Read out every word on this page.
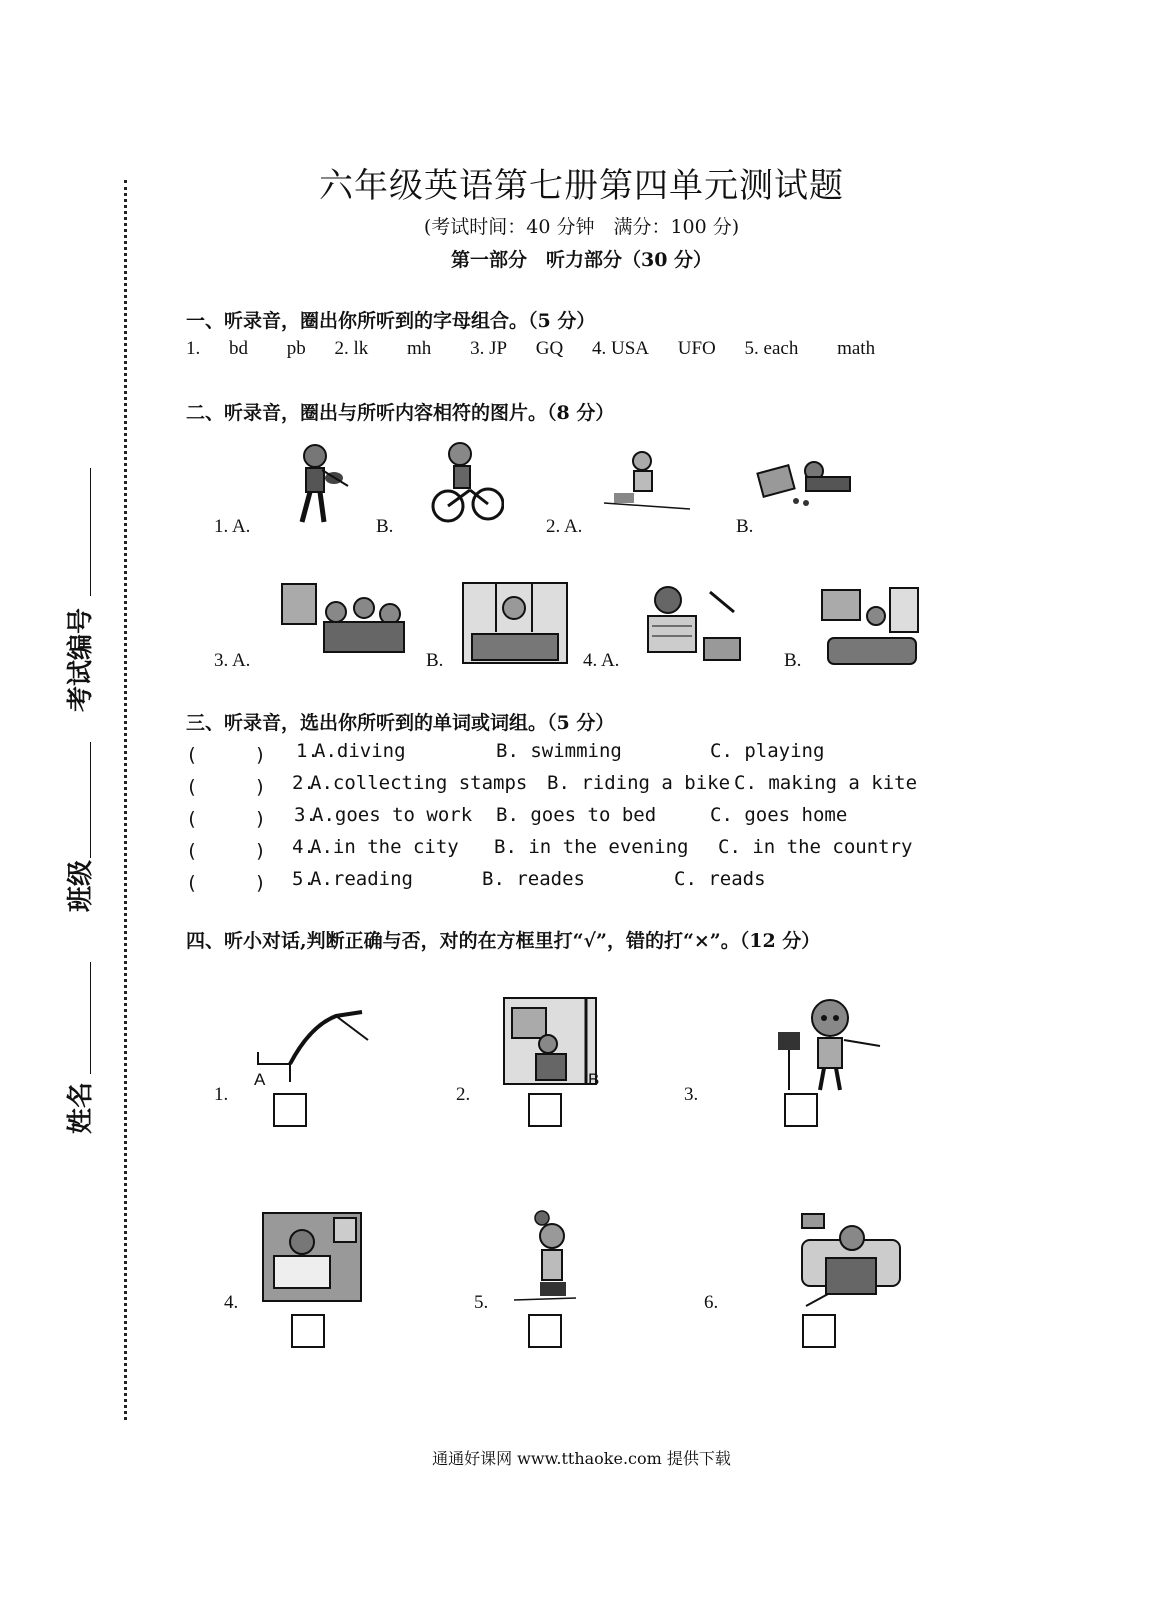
考试编号
班级
姓名
六年级英语第七册第四单元测试题
(考试时间：40 分钟　满分：100 分)
第一部分　听力部分（30 分）
一、听录音，圈出你所听到的字母组合。（5 分）
1. bd pb 2. lk mh 3. JP GQ 4. USA UFO 5. each math
二、听录音，圈出与所听内容相符的图片。（8 分）
1. A.	B.	2. A.	B.
3. A.	B.	4. A.	B.
三、听录音，选出你所听到的单词或词组。（5 分）
(　　　) 1.
A.diving	B. swimming	C. playing
(　　　) 2.
A.collecting stamps B. riding a bike C. making a kite
(　　　) 3.
A.goes to work B. goes to bed	C. goes home
(　　　) 4.
A.in the city B. in the evening C. in the country
(　　　) 5.
A.reading	B. reades	C. reads
四、听小对话,判断正确与否，对的在方框里打“√”，错的打“×”。（12 分）
1.	2.	3.
4.	5.	6.
A	B
通通好课网 www.tthaoke.com 提供下载
